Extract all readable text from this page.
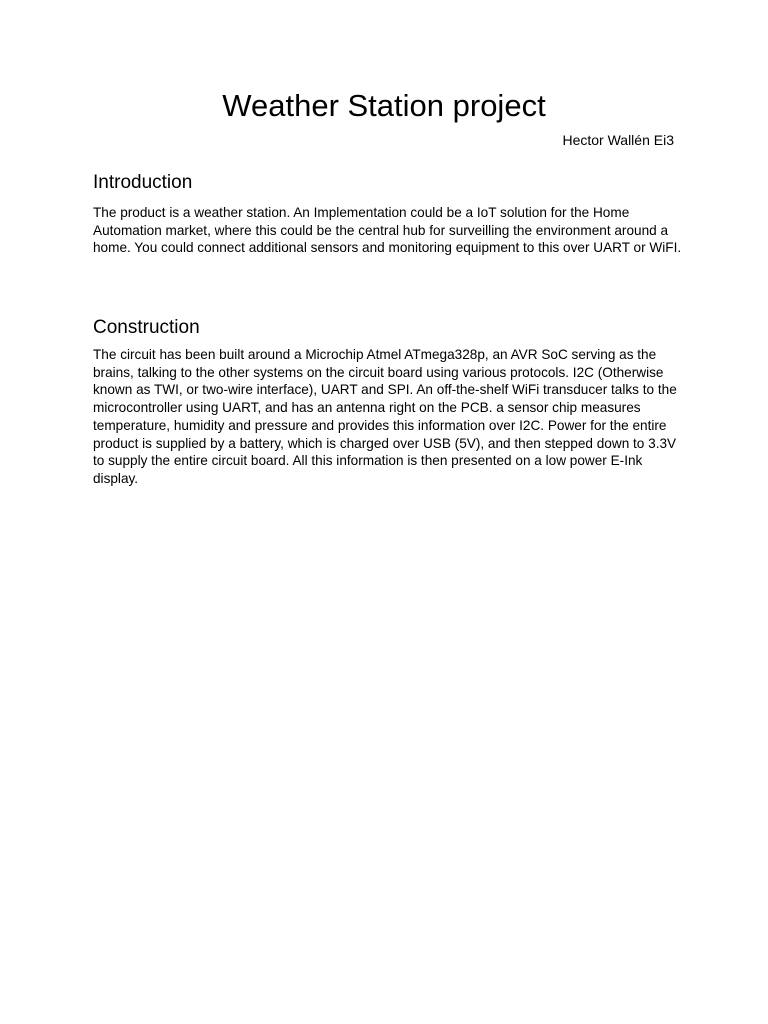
Weather Station project

Hector Wallén Ei3

Introduction

The product is a weather station. An Implementation could be a IoT solution for the Home Automation market, where this could be the central hub for surveilling the environment around a home. You could connect additional sensors and monitoring equipment to this over UART or WiFI.

Construction

The circuit has been built around a Microchip Atmel ATmega328p, an AVR SoC serving as the brains, talking to the other systems on the circuit board using various protocols. I2C (Otherwise known as TWI, or two-wire interface), UART and SPI. An off-the-shelf WiFi transducer talks to the microcontroller using UART, and has an antenna right on the PCB. a sensor chip measures temperature, humidity and pressure and provides this information over I2C. Power for the entire product is supplied by a battery, which is charged over USB (5V), and then stepped down to 3.3V to supply the entire circuit board. All this information is then presented on a low power E-Ink display.
